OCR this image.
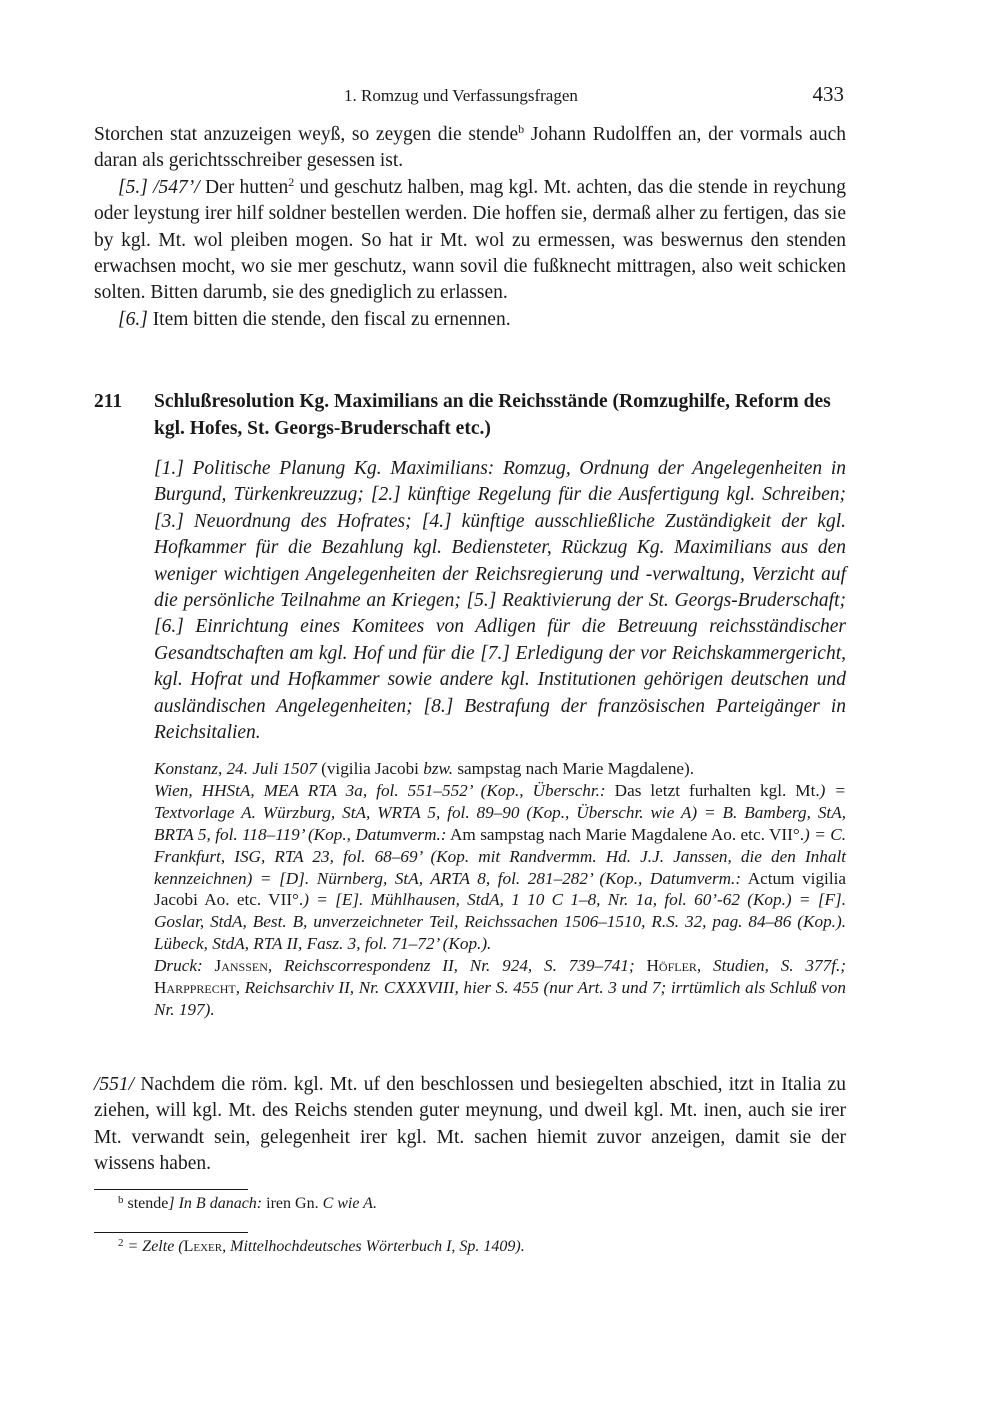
1. Romzug und Verfassungsfragen	433

Storchen stat anzuzeigen weyß, so zeygen die stende$^b$ Johann Rudolffen an, der vormals auch daran als gerichtsschreiber gesessen ist.

[5.] /547’/ Der hutten$^2$ und geschutz halben, mag kgl. Mt. achten, das die stende in reychung oder leystung irer hilf soldner bestellen werden. Die hoffen sie, dermaß alher zu fertigen, das sie by kgl. Mt. wol pleiben mogen. So hat ir Mt. wol zu ermessen, was beswernus den stenden erwachsen mocht, wo sie mer geschutz, wann sovil die fußknecht mittragen, also weit schicken solten. Bitten darumb, sie des gnediglich zu erlassen.

[6.] Item bitten die stende, den fiscal zu ernennen.

211 Schlußresolution Kg. Maximilians an die Reichsstände (Romzughilfe, Reform des kgl. Hofes, St. Georgs-Bruderschaft etc.)

[1.] Politische Planung Kg. Maximilians: Romzug, Ordnung der Angelegenheiten in Burgund, Türkenkreuzzug; [2.] künftige Regelung für die Ausfertigung kgl. Schreiben; [3.] Neuordnung des Hofrates; [4.] künftige ausschließliche Zuständigkeit der kgl. Hofkammer für die Bezahlung kgl. Bediensteter, Rückzug Kg. Maximilians aus den weniger wichtigen Angelegenheiten der Reichsregierung und -verwaltung, Verzicht auf die persönliche Teilnahme an Kriegen; [5.] Reaktivierung der St. Georgs-Bruderschaft; [6.] Einrichtung eines Komitees von Adligen für die Betreuung reichsständischer Gesandtschaften am kgl. Hof und für die [7.] Erledigung der vor Reichskammergericht, kgl. Hofrat und Hofkammer sowie andere kgl. Institutionen gehörigen deutschen und ausländischen Angelegenheiten; [8.] Bestrafung der französischen Parteigänger in Reichsitalien.

Konstanz, 24. Juli 1507 (vigilia Jacobi bzw. sampstag nach Marie Magdalene).

Wien, HHStA, MEA RTA 3a, fol. 551–552’ (Kop., Überschr.: Das letzt furhalten kgl. Mt.) = Textvorlage A. Würzburg, StA, WRTA 5, fol. 89–90 (Kop., Überschr. wie A) = B. Bamberg, StA, BRTA 5, fol. 118–119’ (Kop., Datumverm.: Am sampstag nach Marie Magdalene Ao. etc. VII°.) = C. Frankfurt, ISG, RTA 23, fol. 68–69’ (Kop. mit Randvermm. Hd. J.J. Janssen, die den Inhalt kennzeichnen) = [D]. Nürnberg, StA, ARTA 8, fol. 281–282’ (Kop., Datumverm.: Actum vigilia Jacobi Ao. etc. VII°.) = [E]. Mühlhausen, StdA, 1 10 C 1–8, Nr. 1a, fol. 60’-62 (Kop.) = [F]. Goslar, StdA, Best. B, unverzeichneter Teil, Reichssachen 1506–1510, R.S. 32, pag. 84–86 (Kop.). Lübeck, StdA, RTA II, Fasz. 3, fol. 71–72’ (Kop.).

Druck: Janssen, Reichscorrespondenz II, Nr. 924, S. 739–741; Höfler, Studien, S. 377f.; Harpprecht, Reichsarchiv II, Nr. CXXXVIII, hier S. 455 (nur Art. 3 und 7; irrtümlich als Schluß von Nr. 197).

/551/ Nachdem die röm. kgl. Mt. uf den beschlossen und besiegelten abschied, itzt in Italia zu ziehen, will kgl. Mt. des Reichs stenden guter meynung, und dweil kgl. Mt. inen, auch sie irer Mt. verwandt sein, gelegenheit irer kgl. Mt. sachen hiemit zuvor anzeigen, damit sie der wissens haben.

$^b$ stende] In B danach: iren Gn. C wie A.

$^2$ = Zelte (Lexer, Mittelhochdeutsches Wörterbuch I, Sp. 1409).
